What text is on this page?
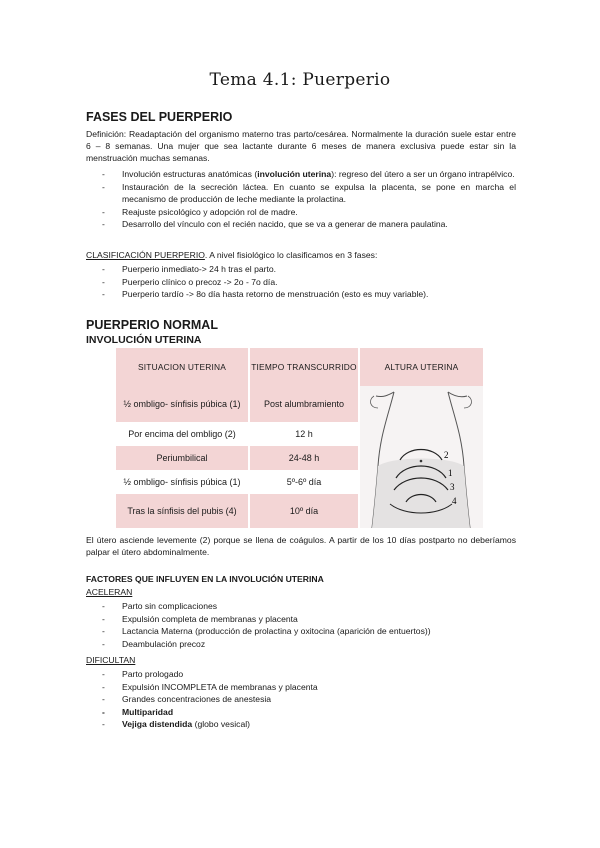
Tema 4.1: Puerperio
FASES DEL PUERPERIO
Definición: Readaptación del organismo materno tras parto/cesárea. Normalmente la duración suele estar entre 6 – 8 semanas. Una mujer que sea lactante durante 6 meses de manera exclusiva puede estar sin la menstruación muchas semanas.
- Involución estructuras anatómicas (involución uterina): regreso del útero a ser un órgano intrapélvico.
- Instauración de la secreción láctea. En cuanto se expulsa la placenta, se pone en marcha el mecanismo de producción de leche mediante la prolactina.
- Reajuste psicológico y adopción rol de madre.
- Desarrollo del vínculo con el recién nacido, que se va a generar de manera paulatina.
CLASIFICACIÓN PUERPERIO. A nivel fisiológico lo clasificamos en 3 fases:
- Puerperio inmediato-> 24 h tras el parto.
- Puerperio clínico o precoz -> 2o - 7o día.
- Puerperio tardío -> 8o día hasta retorno de menstruación (esto es muy variable).
PUERPERIO NORMAL
INVOLUCIÓN UTERINA
SITUACION UTERINA
½ ombligo- sínfisis púbica (1)
Por encima del ombligo (2)
Periumbilical
½ ombligo- sínfisis púbica (1)
Tras la sínfisis del pubis (4)
TIEMPO TRANSCURRIDO
Post alumbramiento
12 h
24-48 h
5º-6º día
10º día
ALTURA UTERINA
2
1
3
4
El útero asciende levemente (2) porque se llena de coágulos. A partir de los 10 días postparto no deberíamos palpar el útero abdominalmente.
FACTORES QUE INFLUYEN EN LA INVOLUCIÓN UTERINA
ACELERAN
- Parto sin complicaciones
- Expulsión completa de membranas y placenta
- Lactancia Materna (producción de prolactina y oxitocina (aparición de entuertos))
- Deambulación precoz
DIFICULTAN
- Parto prologado
- Expulsión INCOMPLETA de membranas y placenta
- Grandes concentraciones de anestesia
- Multiparidad
- Vejiga distendida (globo vesical)
